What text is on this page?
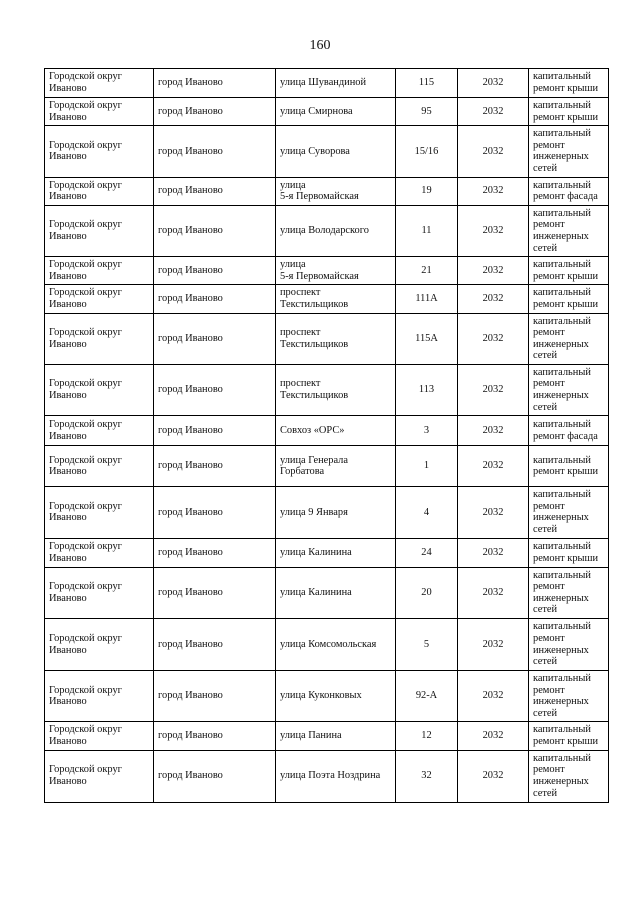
160
Городской округ
Иваново	город Иваново	улица Шувандиной	115	2032	капитальный
ремонт крыши

Городской округ
Иваново	город Иваново	улица Смирнова	95	2032	капитальный
ремонт крыши

Городской округ
Иваново	город Иваново	улица Суворова	15/16	2032	капитальный
ремонт
инженерных
сетей

Городской округ
Иваново	город Иваново	улица
5-я Первомайская	19	2032	капитальный
ремонт фасада

Городской округ
Иваново	город Иваново	улица Володарского	11	2032	капитальный
ремонт
инженерных
сетей

Городской округ
Иваново	город Иваново	улица
5-я Первомайская	21	2032	капитальный
ремонт крыши

Городской округ
Иваново	город Иваново	проспект
Текстильщиков	111А	2032	капитальный
ремонт крыши

Городской округ
Иваново	город Иваново	проспект
Текстильщиков	115А	2032	капитальный
ремонт
инженерных
сетей

Городской округ
Иваново	город Иваново	проспект
Текстильщиков	113	2032	капитальный
ремонт
инженерных
сетей

Городской округ
Иваново	город Иваново	Совхоз «ОРС»	3	2032	капитальный
ремонт фасада

Городской округ
Иваново	город Иваново	улица Генерала
Горбатова	1	2032	капитальный
ремонт крыши

Городской округ
Иваново	город Иваново	улица 9 Января	4	2032	капитальный
ремонт
инженерных
сетей

Городской округ
Иваново	город Иваново	улица Калинина	24	2032	капитальный
ремонт крыши

Городской округ
Иваново	город Иваново	улица Калинина	20	2032	капитальный
ремонт
инженерных
сетей

Городской округ
Иваново	город Иваново	улица Комсомольская	5	2032	капитальный
ремонт
инженерных
сетей

Городской округ
Иваново	город Иваново	улица Куконковых	92-А	2032	капитальный
ремонт
инженерных
сетей

Городской округ
Иваново	город Иваново	улица Панина	12	2032	капитальный
ремонт крыши

Городской округ
Иваново	город Иваново	улица Поэта Ноздрина	32	2032	капитальный
ремонт
инженерных
сетей
